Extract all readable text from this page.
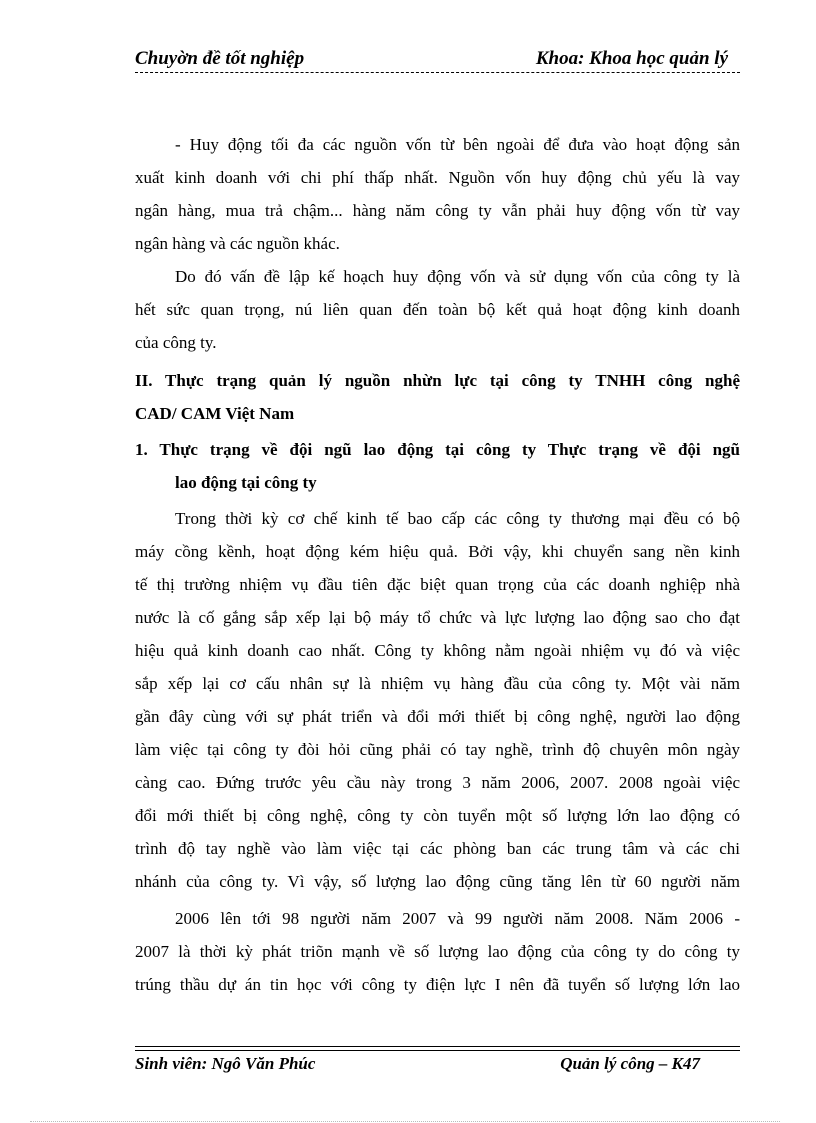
Chuyờn đề tốt nghiệp	Khoa: Khoa học quản lý
- Huy động tối đa các nguồn vốn từ bên ngoài để đưa vào hoạt động sản
xuất kinh doanh với chi phí thấp nhất. Nguồn vốn huy động chủ yếu là vay
ngân hàng, mua trả chậm... hàng năm công ty vẫn phải huy động vốn từ vay
ngân hàng và các nguồn khác.
Do đó vấn đề lập kế hoạch huy động vốn và sử dụng vốn của công ty là
hết sức quan trọng, nú liên quan đến toàn bộ kết quả hoạt động kinh doanh
của công ty.
II. Thực trạng quản lý nguồn nhừn lực tại công ty TNHH công nghệ
CAD/ CAM Việt Nam
1. Thực trạng về đội ngũ lao động tại công ty Thực trạng về đội ngũ
lao động tại công ty
Trong thời kỳ cơ chế kinh tế bao cấp các công ty thương mại đều có bộ
máy cồng kềnh, hoạt động kém hiệu quả. Bởi vậy, khi chuyển sang nền kinh
tế thị trường nhiệm vụ đầu tiên đặc biệt quan trọng của các doanh nghiệp nhà
nước là cố gắng sắp xếp lại bộ máy tổ chức và lực lượng lao động sao cho đạt
hiệu quả kinh doanh cao nhất. Công ty không nằm ngoài nhiệm vụ đó và việc
sắp xếp lại cơ cấu nhân sự là nhiệm vụ hàng đầu của công ty. Một vài năm
gần đây cùng với sự phát triển và đổi mới thiết bị công nghệ, người lao động
làm việc tại công ty đòi hỏi cũng phải có tay nghề, trình độ chuyên môn ngày
càng cao. Đứng trước yêu cầu này trong 3 năm 2006, 2007. 2008 ngoài việc
đổi mới thiết bị công nghệ, công ty còn tuyển một số lượng lớn lao động có
trình độ tay nghề vào làm việc tại các phòng ban các trung tâm và các chi
nhánh của công ty. Vì vậy, số lượng lao động cũng tăng lên từ 60 người năm
2006 lên tới 98 người năm 2007 và 99 người năm 2008. Năm 2006 -
2007 là thời kỳ phát triõn mạnh về số lượng lao động của công ty do công ty
trúng thầu dự án tin học với công ty điện lực I nên đã tuyển số lượng lớn lao
Sinh viên: Ngô Văn Phúc	Quản lý công – K47
